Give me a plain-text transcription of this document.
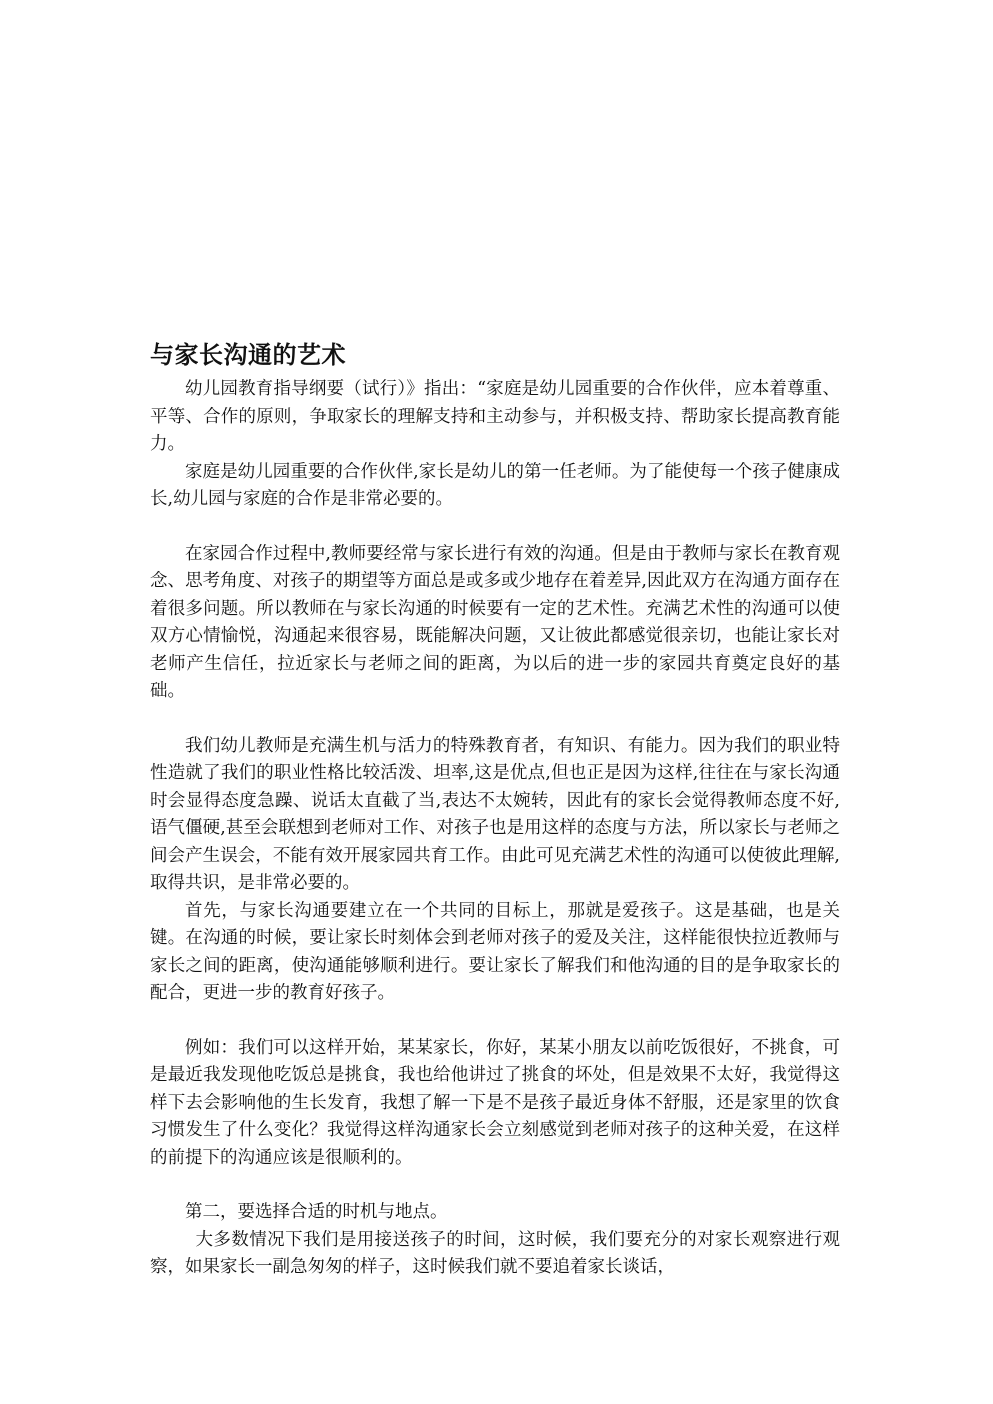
与家长沟通的艺术

幼儿园教育指导纲要（试行）》指出：“家庭是幼儿园重要的合作伙伴，应本着尊重、平等、合作的原则，争取家长的理解支持和主动参与，并积极支持、帮助家长提高教育能力。

家庭是幼儿园重要的合作伙伴,家长是幼儿的第一任老师。为了能使每一个孩子健康成长,幼儿园与家庭的合作是非常必要的。

在家园合作过程中,教师要经常与家长进行有效的沟通。但是由于教师与家长在教育观念、思考角度、对孩子的期望等方面总是或多或少地存在着差异,因此双方在沟通方面存在着很多问题。所以教师在与家长沟通的时候要有一定的艺术性。充满艺术性的沟通可以使双方心情愉悦，沟通起来很容易，既能解决问题，又让彼此都感觉很亲切，也能让家长对老师产生信任，拉近家长与老师之间的距离，为以后的进一步的家园共育奠定良好的基础。

我们幼儿教师是充满生机与活力的特殊教育者，有知识、有能力。因为我们的职业特性造就了我们的职业性格比较活泼、坦率,这是优点,但也正是因为这样,往往在与家长沟通时会显得态度急躁、说话太直截了当,表达不太婉转，因此有的家长会觉得教师态度不好,语气僵硬,甚至会联想到老师对工作、对孩子也是用这样的态度与方法，所以家长与老师之间会产生误会，不能有效开展家园共育工作。由此可见充满艺术性的沟通可以使彼此理解,取得共识，是非常必要的。

首先，与家长沟通要建立在一个共同的目标上，那就是爱孩子。这是基础，也是关键。在沟通的时候，要让家长时刻体会到老师对孩子的爱及关注，这样能很快拉近教师与家长之间的距离，使沟通能够顺利进行。要让家长了解我们和他沟通的目的是争取家长的配合，更进一步的教育好孩子。

例如：我们可以这样开始，某某家长，你好，某某小朋友以前吃饭很好，不挑食，可是最近我发现他吃饭总是挑食，我也给他讲过了挑食的坏处，但是效果不太好，我觉得这样下去会影响他的生长发育，我想了解一下是不是孩子最近身体不舒服，还是家里的饮食习惯发生了什么变化？我觉得这样沟通家长会立刻感觉到老师对孩子的这种关爱，在这样的前提下的沟通应该是很顺利的。

第二，要选择合适的时机与地点。

大多数情况下我们是用接送孩子的时间，这时候，我们要充分的对家长观察进行观察，如果家长一副急匆匆的样子，这时候我们就不要追着家长谈话，
